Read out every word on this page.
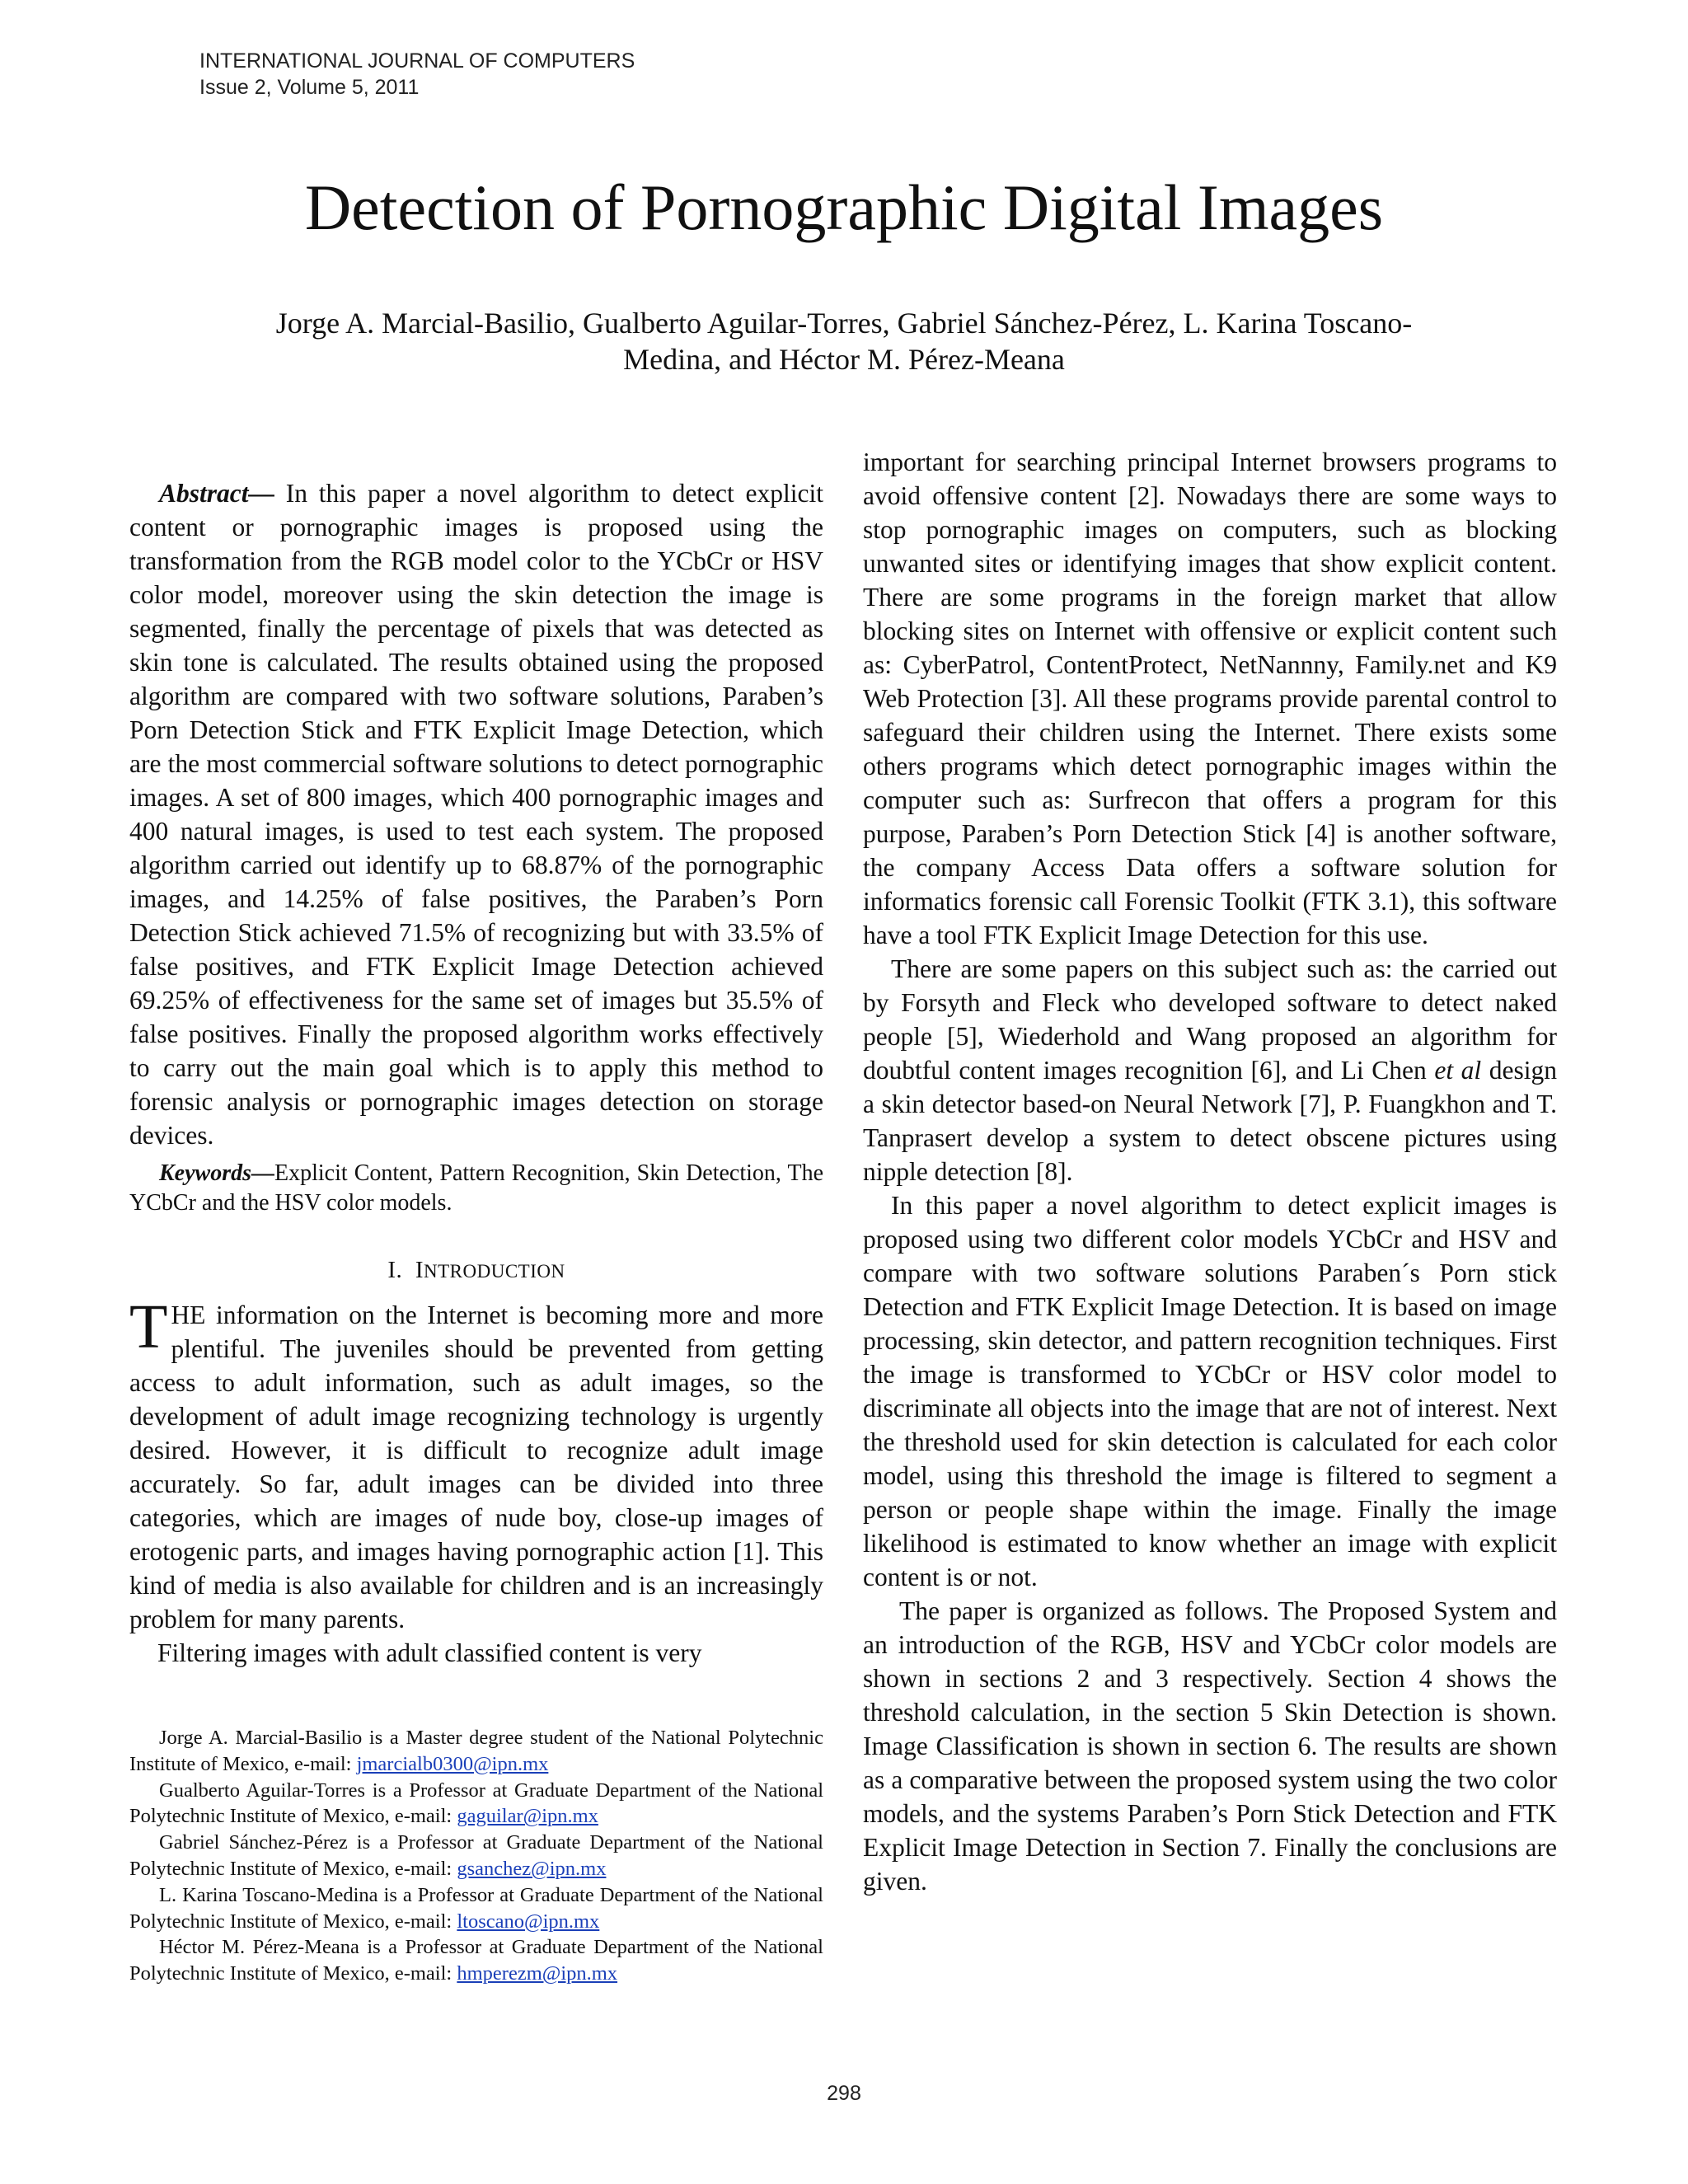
INTERNATIONAL JOURNAL OF COMPUTERS
Issue 2, Volume 5, 2011
Detection of Pornographic Digital Images
Jorge A. Marcial-Basilio, Gualberto Aguilar-Torres, Gabriel Sánchez-Pérez, L. Karina Toscano-
Medina, and Héctor M. Pérez-Meana
Abstract— In this paper a novel algorithm to detect explicit content or pornographic images is proposed using the transformation from the RGB model color to the YCbCr or HSV color model, moreover using the skin detection the image is segmented, finally the percentage of pixels that was detected as skin tone is calculated. The results obtained using the proposed algorithm are compared with two software solutions, Paraben’s Porn Detection Stick and FTK Explicit Image Detection, which are the most commercial software solutions to detect pornographic images. A set of 800 images, which 400 pornographic images and 400 natural images, is used to test each system. The proposed algorithm carried out identify up to 68.87% of the pornographic images, and 14.25% of false positives, the Paraben’s Porn Detection Stick achieved 71.5% of recognizing but with 33.5% of false positives, and FTK Explicit Image Detection achieved 69.25% of effectiveness for the same set of images but 35.5% of false positives. Finally the proposed algorithm works effectively to carry out the main goal which is to apply this method to forensic analysis or pornographic images detection on storage devices.
Keywords—Explicit Content, Pattern Recognition, Skin Detection, The YCbCr and the HSV color models.
I. INTRODUCTION

THE information on the Internet is becoming more and more plentiful. The juveniles should be prevented from getting access to adult information, such as adult images, so the development of adult image recognizing technology is urgently desired. However, it is difficult to recognize adult image accurately. So far, adult images can be divided into three categories, which are images of nude boy, close-up images of erotogenic parts, and images having pornographic action [1]. This kind of media is also available for children and is an increasingly problem for many parents.

Filtering images with adult classified content is very

Jorge A. Marcial-Basilio is a Master degree student of the National Polytechnic Institute of Mexico, e-mail: jmarcialb0300@ipn.mx

Gualberto Aguilar-Torres is a Professor at Graduate Department of the National Polytechnic Institute of Mexico, e-mail: gaguilar@ipn.mx

Gabriel Sánchez-Pérez is a Professor at Graduate Department of the National Polytechnic Institute of Mexico, e-mail: gsanchez@ipn.mx

L. Karina Toscano-Medina is a Professor at Graduate Department of the National Polytechnic Institute of Mexico, e-mail: ltoscano@ipn.mx

Héctor M. Pérez-Meana is a Professor at Graduate Department of the National Polytechnic Institute of Mexico, e-mail: hmperezm@ipn.mx

important for searching principal Internet browsers programs to avoid offensive content [2]. Nowadays there are some ways to stop pornographic images on computers, such as blocking unwanted sites or identifying images that show explicit content. There are some programs in the foreign market that allow blocking sites on Internet with offensive or explicit content such as: CyberPatrol, ContentProtect, NetNannny, Family.net and K9 Web Protection [3]. All these programs provide parental control to safeguard their children using the Internet. There exists some others programs which detect pornographic images within the computer such as: Surfrecon that offers a program for this purpose, Paraben’s Porn Detection Stick [4] is another software, the company Access Data offers a software solution for informatics forensic call Forensic Toolkit (FTK 3.1), this software have a tool FTK Explicit Image Detection for this use.

There are some papers on this subject such as: the carried out by Forsyth and Fleck who developed software to detect naked people [5], Wiederhold and Wang proposed an algorithm for doubtful content images recognition [6], and Li Chen et al design a skin detector based-on Neural Network [7], P. Fuangkhon and T. Tanprasert develop a system to detect obscene pictures using nipple detection [8].

In this paper a novel algorithm to detect explicit images is proposed using two different color models YCbCr and HSV and compare with two software solutions Paraben´s Porn stick Detection and FTK Explicit Image Detection. It is based on image processing, skin detector, and pattern recognition techniques. First the image is transformed to YCbCr or HSV color model to discriminate all objects into the image that are not of interest. Next the threshold used for skin detection is calculated for each color model, using this threshold the image is filtered to segment a person or people shape within the image. Finally the image likelihood is estimated to know whether an image with explicit content is or not.

The paper is organized as follows. The Proposed System and an introduction of the RGB, HSV and YCbCr color models are shown in sections 2 and 3 respectively. Section 4 shows the threshold calculation, in the section 5 Skin Detection is shown. Image Classification is shown in section 6. The results are shown as a comparative between the proposed system using the two color models, and the systems Paraben’s Porn Stick Detection and FTK Explicit Image Detection in Section 7. Finally the conclusions are given.

298
